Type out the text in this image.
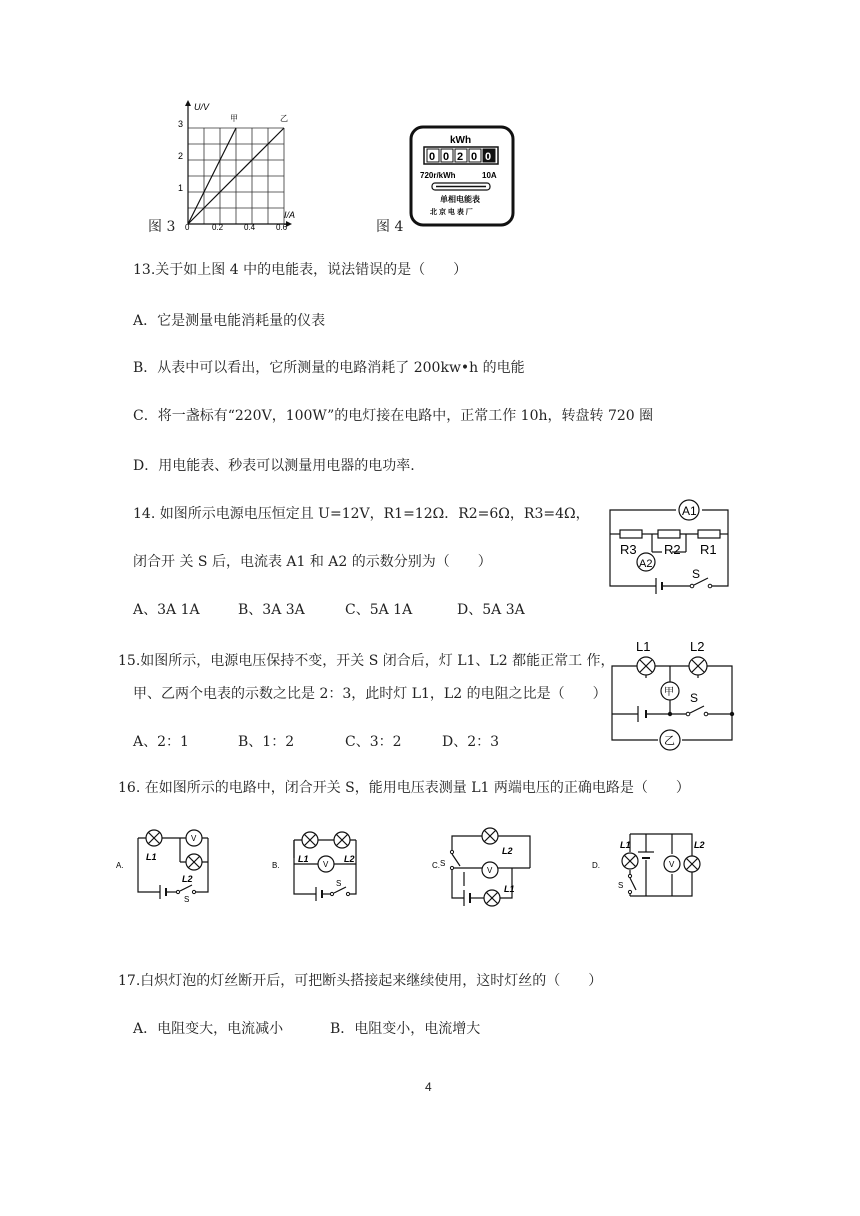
图 3
U/V
I/A
甲	乙
3
2
1
0	0.2	0.4	0.6	图 4
kWh
0 0 2 0 0
720r/kWh	10A
单相电能表
北 京 电 表 厂
13.关于如上图 4 中的电能表，说法错误的是（　　）
A．它是测量电能消耗量的仪表
B．从表中可以看出，它所测量的电路消耗了 200kw•h 的电能
C．将一盏标有“220V，100W”的电灯接在电路中，正常工作 10h，转盘转 720 圈
D．用电能表、秒表可以测量用电器的电功率.
14. 如图所示电源电压恒定且 U=12V，R1=12Ω．R2=6Ω，R3=4Ω，
闭合开 关 S 后，电流表 A1 和 A2 的示数分别为（　　）
A、3A 1A	B、3A 3A	C、5A 1A	D、5A 3A
A1
A2
R3 R2 R1
S
15.如图所示，电源电压保持不变，开关 S 闭合后，灯 L1、L2 都能正常工 作，
甲、乙两个电表的示数之比是 2：3，此时灯 L1，L2 的电阻之比是（　　）
A、2：1	B、1：2	C、3：2	D、2：3
L1	L2
甲
乙
S
16. 在如图所示的电路中，闭合开关 S，能用电压表测量 L1 两端电压的正确电路是（　　）
A.
V
L1
L2
S
B.	V
L1	L2
S
C.
V
L1
L2
S	D.	V
L1	L2
S
17.白炽灯泡的灯丝断开后，可把断头搭接起来继续使用，这时灯丝的（　　）
A．电阻变大，电流减小	B．电阻变小，电流增大
4
